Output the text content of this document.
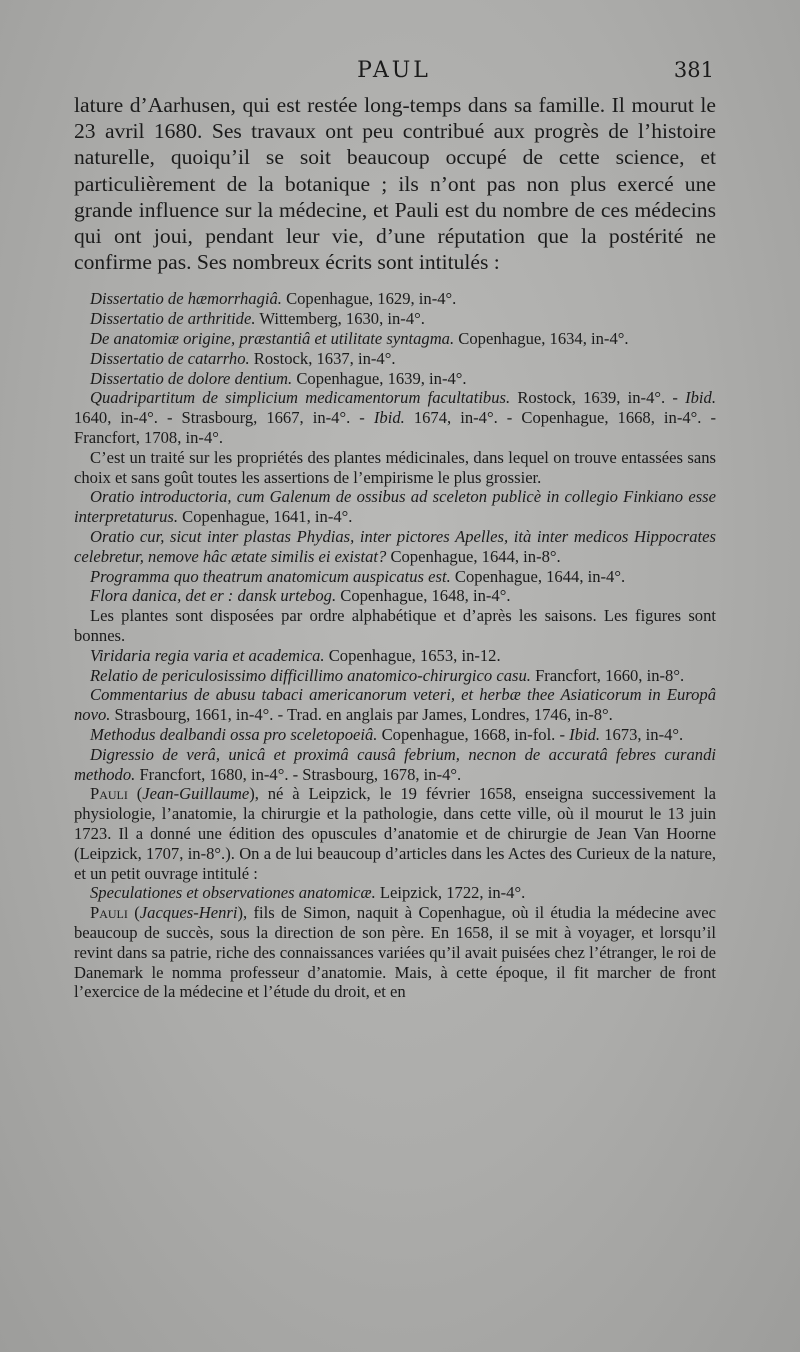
PAUL	381

lature d’Aarhusen, qui est restée long-temps dans sa famille. Il mourut le 23 avril 1680. Ses travaux ont peu contribué aux progrès de l’histoire naturelle, quoiqu’il se soit beaucoup occupé de cette science, et particulièrement de la botanique ; ils n’ont pas non plus exercé une grande influence sur la médecine, et Pauli est du nombre de ces médecins qui ont joui, pendant leur vie, d’une réputation que la postérité ne confirme pas. Ses nombreux écrits sont intitulés :

Dissertatio de hæmorrhagiâ. Copenhague, 1629, in-4°.

Dissertatio de arthritide. Wittemberg, 1630, in-4°.

De anatomiæ origine, præstantiâ et utilitate syntagma. Copenhague, 1634, in-4°.

Dissertatio de catarrho. Rostock, 1637, in-4°.

Dissertatio de dolore dentium. Copenhague, 1639, in-4°.

Quadripartitum de simplicium medicamentorum facultatibus. Rostock, 1639, in-4°. - Ibid. 1640, in-4°. - Strasbourg, 1667, in-4°. - Ibid. 1674, in-4°. - Copenhague, 1668, in-4°. - Francfort, 1708, in-4°.

C’est un traité sur les propriétés des plantes médicinales, dans lequel on trouve entassées sans choix et sans goût toutes les assertions de l’empirisme le plus grossier.

Oratio introductoria, cum Galenum de ossibus ad sceleton publicè in collegio Finkiano esse interpretaturus. Copenhague, 1641, in-4°.

Oratio cur, sicut inter plastas Phydias, inter pictores Apelles, ità inter medicos Hippocrates celebretur, nemove hâc ætate similis ei existat? Copenhague, 1644, in-8°.

Programma quo theatrum anatomicum auspicatus est. Copenhague, 1644, in-4°.

Flora danica, det er : dansk urtebog. Copenhague, 1648, in-4°.

Les plantes sont disposées par ordre alphabétique et d’après les saisons. Les figures sont bonnes.

Viridaria regia varia et academica. Copenhague, 1653, in-12.

Relatio de periculosissimo difficillimo anatomico-chirurgico casu. Francfort, 1660, in-8°.

Commentarius de abusu tabaci americanorum veteri, et herbæ thee Asiaticorum in Europâ novo. Strasbourg, 1661, in-4°. - Trad. en anglais par James, Londres, 1746, in-8°.

Methodus dealbandi ossa pro sceletopoeiâ. Copenhague, 1668, in-fol. - Ibid. 1673, in-4°.

Digressio de verâ, unicâ et proximâ causâ febrium, necnon de accuratâ febres curandi methodo. Francfort, 1680, in-4°. - Strasbourg, 1678, in-4°.

Pauli (Jean-Guillaume), né à Leipzick, le 19 février 1658, enseigna successivement la physiologie, l’anatomie, la chirurgie et la pathologie, dans cette ville, où il mourut le 13 juin 1723. Il a donné une édition des opuscules d’anatomie et de chirurgie de Jean Van Hoorne (Leipzick, 1707, in-8°.). On a de lui beaucoup d’articles dans les Actes des Curieux de la nature, et un petit ouvrage intitulé :

Speculationes et observationes anatomicæ. Leipzick, 1722, in-4°.

Pauli (Jacques-Henri), fils de Simon, naquit à Copenhague, où il étudia la médecine avec beaucoup de succès, sous la direction de son père. En 1658, il se mit à voyager, et lorsqu’il revint dans sa patrie, riche des connaissances variées qu’il avait puisées chez l’étranger, le roi de Danemark le nomma professeur d’anatomie. Mais, à cette époque, il fit marcher de front l’exercice de la médecine et l’étude du droit, et en
